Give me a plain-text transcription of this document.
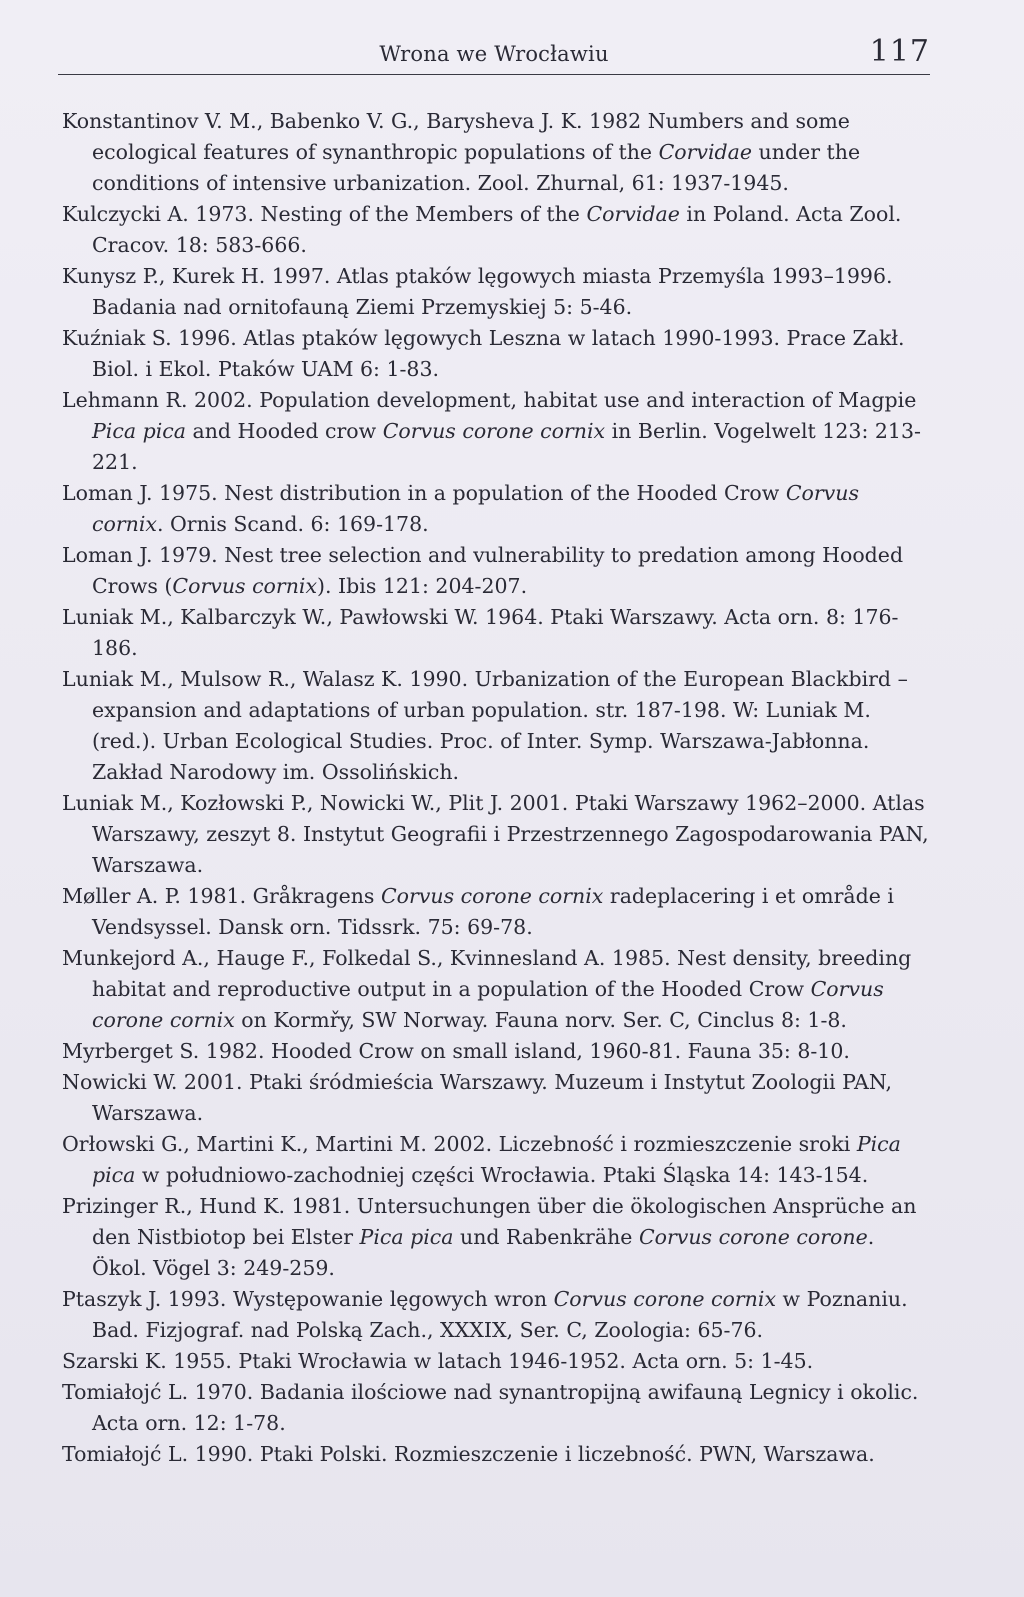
Wrona we Wrocławiu	117
Konstantinov V. M., Babenko V. G., Barysheva J. K. 1982 Numbers and some ecological features of synanthropic populations of the Corvidae under the conditions of intensive urbanization. Zool. Zhurnal, 61: 1937-1945.
Kulczycki A. 1973. Nesting of the Members of the Corvidae in Poland. Acta Zool. Cracov. 18: 583-666.
Kunysz P., Kurek H. 1997. Atlas ptaków lęgowych miasta Przemyśla 1993–1996. Badania nad ornitofauną Ziemi Przemyskiej 5: 5-46.
Kuźniak S. 1996. Atlas ptaków lęgowych Leszna w latach 1990-1993. Prace Zakł. Biol. i Ekol. Ptaków UAM 6: 1-83.
Lehmann R. 2002. Population development, habitat use and interaction of Magpie Pica pica and Hooded crow Corvus corone cornix in Berlin. Vogelwelt 123: 213-221.
Loman J. 1975. Nest distribution in a population of the Hooded Crow Corvus cornix. Ornis Scand. 6: 169-178.
Loman J. 1979. Nest tree selection and vulnerability to predation among Hooded Crows (Corvus cornix). Ibis 121: 204-207.
Luniak M., Kalbarczyk W., Pawłowski W. 1964. Ptaki Warszawy. Acta orn. 8: 176-186.
Luniak M., Mulsow R., Walasz K. 1990. Urbanization of the European Blackbird – expansion and adaptations of urban population. str. 187-198. W: Luniak M. (red.). Urban Ecological Studies. Proc. of Inter. Symp. Warszawa-Jabłonna. Zakład Narodowy im. Ossolińskich.
Luniak M., Kozłowski P., Nowicki W., Plit J. 2001. Ptaki Warszawy 1962–2000. Atlas Warszawy, zeszyt 8. Instytut Geografii i Przestrzennego Zagospodarowania PAN, Warszawa.
Møller A. P. 1981. Gråkragens Corvus corone cornix radeplacering i et område i Vendsyssel. Dansk orn. Tidssrk. 75: 69-78.
Munkejord A., Hauge F., Folkedal S., Kvinnesland A. 1985. Nest density, breeding habitat and reproductive output in a population of the Hooded Crow Corvus corone cornix on Kormřy, SW Norway. Fauna norv. Ser. C, Cinclus 8: 1-8.
Myrberget S. 1982. Hooded Crow on small island, 1960-81. Fauna 35: 8-10.
Nowicki W. 2001. Ptaki śródmieścia Warszawy. Muzeum i Instytut Zoologii PAN, Warszawa.
Orłowski G., Martini K., Martini M. 2002. Liczebność i rozmieszczenie sroki Pica pica w południowo-zachodniej części Wrocławia. Ptaki Śląska 14: 143-154.
Prizinger R., Hund K. 1981. Untersuchungen über die ökologischen Ansprüche an den Nistbiotop bei Elster Pica pica und Rabenkrähe Corvus corone corone. Ökol. Vögel 3: 249-259.
Ptaszyk J. 1993. Występowanie lęgowych wron Corvus corone cornix w Poznaniu. Bad. Fizjograf. nad Polską Zach., XXXIX, Ser. C, Zoologia: 65-76.
Szarski K. 1955. Ptaki Wrocławia w latach 1946-1952. Acta orn. 5: 1-45.
Tomiałojć L. 1970. Badania ilościowe nad synantropijną awifauną Legnicy i okolic. Acta orn. 12: 1-78.
Tomiałojć L. 1990. Ptaki Polski. Rozmieszczenie i liczebność. PWN, Warszawa.
